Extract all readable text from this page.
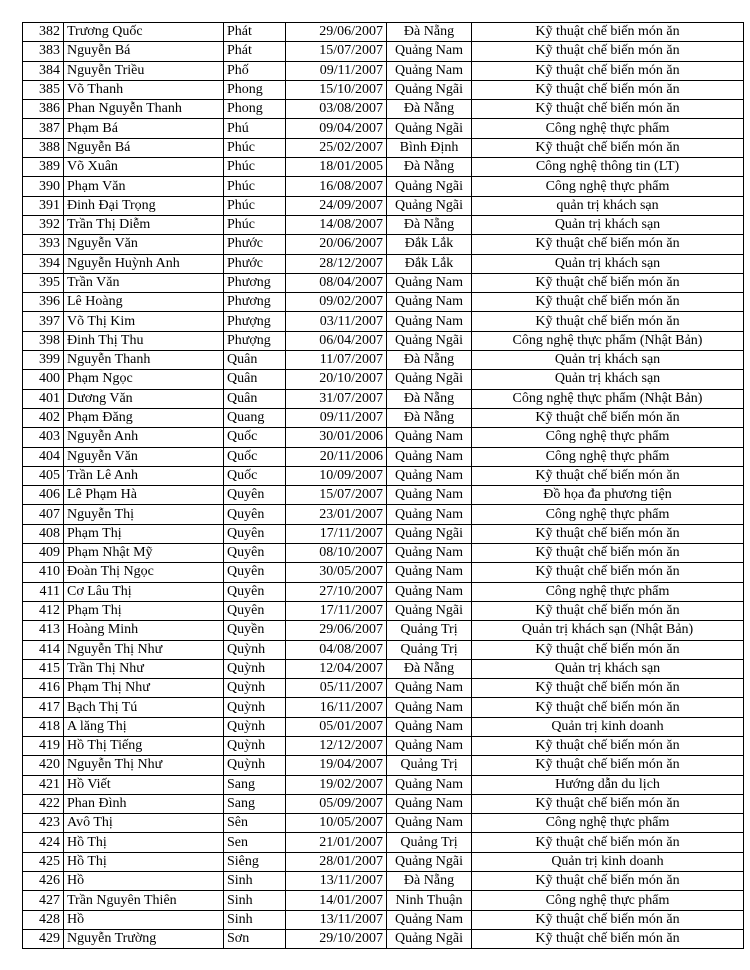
382	Trương Quốc	Phát	29/06/2007	Đà Nẵng	Kỹ thuật chế biến món ăn
383	Nguyễn Bá	Phát	15/07/2007	Quảng Nam	Kỹ thuật chế biến món ăn
384	Nguyễn Triều	Phố	09/11/2007	Quảng Nam	Kỹ thuật chế biến món ăn
385	Võ Thanh	Phong	15/10/2007	Quảng Ngãi	Kỹ thuật chế biến món ăn
386	Phan Nguyễn Thanh	Phong	03/08/2007	Đà Nẵng	Kỹ thuật chế biến món ăn
387	Phạm Bá	Phú	09/04/2007	Quảng Ngãi	Công nghệ thực phẩm
388	Nguyễn Bá	Phúc	25/02/2007	Bình Định	Kỹ thuật chế biến món ăn
389	Võ Xuân	Phúc	18/01/2005	Đà Nẵng	Công nghệ thông tin (LT)
390	Phạm Văn	Phúc	16/08/2007	Quảng Ngãi	Công nghệ thực phẩm
391	Đinh Đại Trọng	Phúc	24/09/2007	Quảng Ngãi	quản trị khách sạn
392	Trần Thị Diễm	Phúc	14/08/2007	Đà Nẵng	Quản trị khách sạn
393	Nguyễn Văn	Phước	20/06/2007	Đắk Lắk	Kỹ thuật chế biến món ăn
394	Nguyễn Huỳnh Anh	Phước	28/12/2007	Đắk Lắk	Quản trị khách sạn
395	Trần Văn	Phương	08/04/2007	Quảng Nam	Kỹ thuật chế biến món ăn
396	Lê Hoàng	Phương	09/02/2007	Quảng Nam	Kỹ thuật chế biến món ăn
397	Võ Thị Kim	Phượng	03/11/2007	Quảng Nam	Kỹ thuật chế biến món ăn
398	Đinh Thị Thu	Phượng	06/04/2007	Quảng Ngãi	Công nghệ thực phẩm (Nhật Bản)
399	Nguyễn Thanh	Quân	11/07/2007	Đà Nẵng	Quản trị khách sạn
400	Phạm Ngọc	Quân	20/10/2007	Quảng Ngãi	Quản trị khách sạn
401	Dương Văn	Quân	31/07/2007	Đà Nẵng	Công nghệ thực phẩm (Nhật Bản)
402	Phạm Đăng	Quang	09/11/2007	Đà Nẵng	Kỹ thuật chế biến món ăn
403	Nguyễn Anh	Quốc	30/01/2006	Quảng Nam	Công nghệ thực phẩm
404	Nguyễn Văn	Quốc	20/11/2006	Quảng Nam	Công nghệ thực phẩm
405	Trần Lê Anh	Quốc	10/09/2007	Quảng Nam	Kỹ thuật chế biến món ăn
406	Lê Phạm Hà	Quyên	15/07/2007	Quảng Nam	Đồ họa đa phương tiện
407	Nguyễn Thị	Quyên	23/01/2007	Quảng Nam	Công nghệ thực phẩm
408	Phạm Thị	Quyên	17/11/2007	Quảng Ngãi	Kỹ thuật chế biến món ăn
409	Phạm Nhật Mỹ	Quyên	08/10/2007	Quảng Nam	Kỹ thuật chế biến món ăn
410	Đoàn Thị Ngọc	Quyên	30/05/2007	Quảng Nam	Kỹ thuật chế biến món ăn
411	Cơ Lâu Thị	Quyên	27/10/2007	Quảng Nam	Công nghệ thực phẩm
412	Phạm Thị	Quyên	17/11/2007	Quảng Ngãi	Kỹ thuật chế biến món ăn
413	Hoàng Minh	Quyền	29/06/2007	Quảng Trị	Quản trị khách sạn (Nhật Bản)
414	Nguyễn Thị Như	Quỳnh	04/08/2007	Quảng Trị	Kỹ thuật chế biến món ăn
415	Trần Thị Như	Quỳnh	12/04/2007	Đà Nẵng	Quản trị khách sạn
416	Phạm Thị Như	Quỳnh	05/11/2007	Quảng Nam	Kỹ thuật chế biến món ăn
417	Bạch Thị Tú	Quỳnh	16/11/2007	Quảng Nam	Kỹ thuật chế biến món ăn
418	A lăng Thị	Quỳnh	05/01/2007	Quảng Nam	Quản trị kinh doanh
419	Hồ Thị Tiếng	Quỳnh	12/12/2007	Quảng Nam	Kỹ thuật chế biến món ăn
420	Nguyễn Thị Như	Quỳnh	19/04/2007	Quảng Trị	Kỹ thuật chế biến món ăn
421	Hồ Viết	Sang	19/02/2007	Quảng Nam	Hướng dẫn du lịch
422	Phan Đình	Sang	05/09/2007	Quảng Nam	Kỹ thuật chế biến món ăn
423	Avô Thị	Sên	10/05/2007	Quảng Nam	Công nghệ thực phẩm
424	Hồ Thị	Sen	21/01/2007	Quảng Trị	Kỹ thuật chế biến món ăn
425	Hồ Thị	Siêng	28/01/2007	Quảng Ngãi	Quản trị kinh doanh
426	Hồ	Sinh	13/11/2007	Đà Nẵng	Kỹ thuật chế biến món ăn
427	Trần Nguyên Thiên	Sinh	14/01/2007	Ninh Thuận	Công nghệ thực phẩm
428	Hồ	Sinh	13/11/2007	Quảng Nam	Kỹ thuật chế biến món ăn
429	Nguyễn Trường	Sơn	29/10/2007	Quảng Ngãi	Kỹ thuật chế biến món ăn
